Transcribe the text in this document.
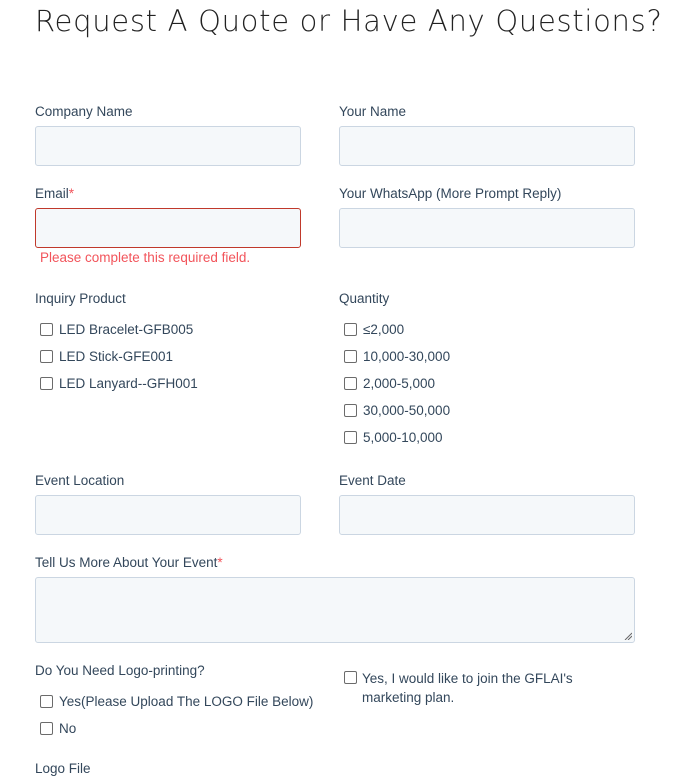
Request A Quote or Have Any Questions?
Company Name	Your Name
Email*
Please complete this required field.
Your WhatsApp (More Prompt Reply)
Inquiry Product
LED Bracelet-GFB005
LED Stick-GFE001
LED Lanyard--GFH001
Quantity
≤2,000
10,000-30,000
2,000-5,000
30,000-50,000
5,000-10,000
Event Location	Event Date
Tell Us More About Your Event*
Do You Need Logo-printing?
Yes(Please Upload The LOGO File Below)
No
Yes, I would like to join the GFLAI's marketing plan.
Logo File
